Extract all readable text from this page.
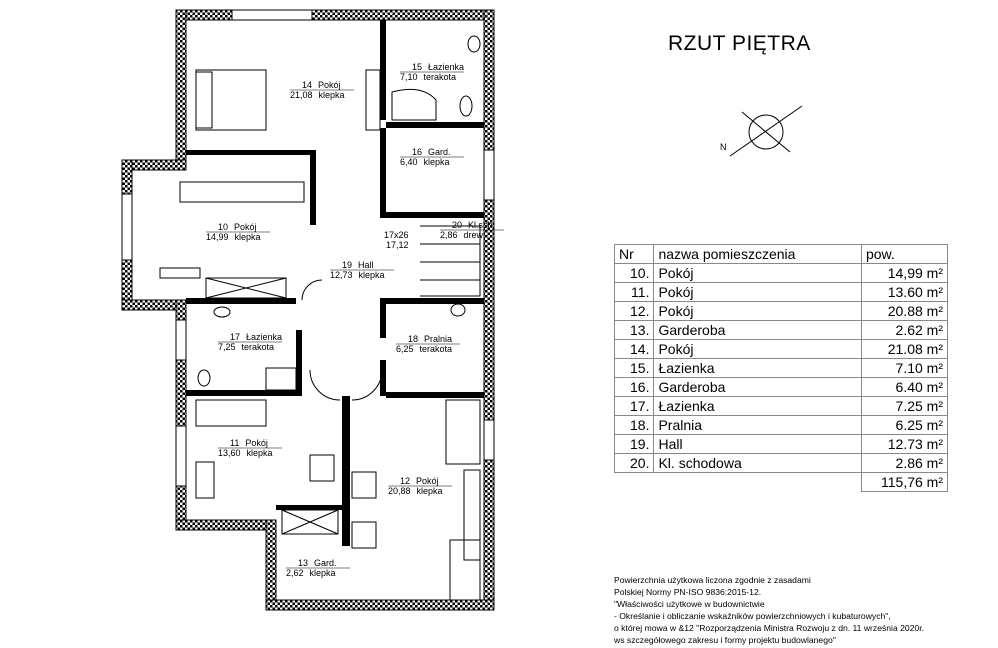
RZUT PIĘTRA
N
14 Pokój
21,08 klepka
15 Łazienka
7,10 terakota
16 Gard.
6,40 klepka
10 Pokój
14,99 klepka
19 Hall
12,73 klepka
20 Kl.sch.
2,86 drew
17 Łazienka
7,25 terakota
18 Pralnia
6,25 terakota
11 Pokój
13,60 klepka
12 Pokój
20,88 klepka
13 Gard.
2,62 klepka
17x26
17,12
Nr	nazwa pomieszczenia	pow.
10.	Pokój	14,99 m²
11.	Pokój	13.60 m²
12.	Pokój	20.88 m²
13.	Garderoba	2.62 m²
14.	Pokój	21.08 m²
15.	Łazienka	7.10 m²
16.	Garderoba	6.40 m²
17.	Łazienka	7.25 m²
18.	Pralnia	6.25 m²
19.	Hall	12.73 m²
20.	Kl. schodowa	2.86 m²
		115,76 m²
Powierzchnia użytkowa liczona zgodnie z zasadami
Polskiej Normy PN-ISO 9836:2015-12.
"Właściwości użytkowe w budownictwie
- Określanie i obliczanie wskaźników powierzchniowych i kubaturowych",
o której mowa w &12 "Rozporządzenia Ministra Rozwoju z dn. 11 września 2020r.
ws szczegółowego zakresu i formy projektu budowlanego"
